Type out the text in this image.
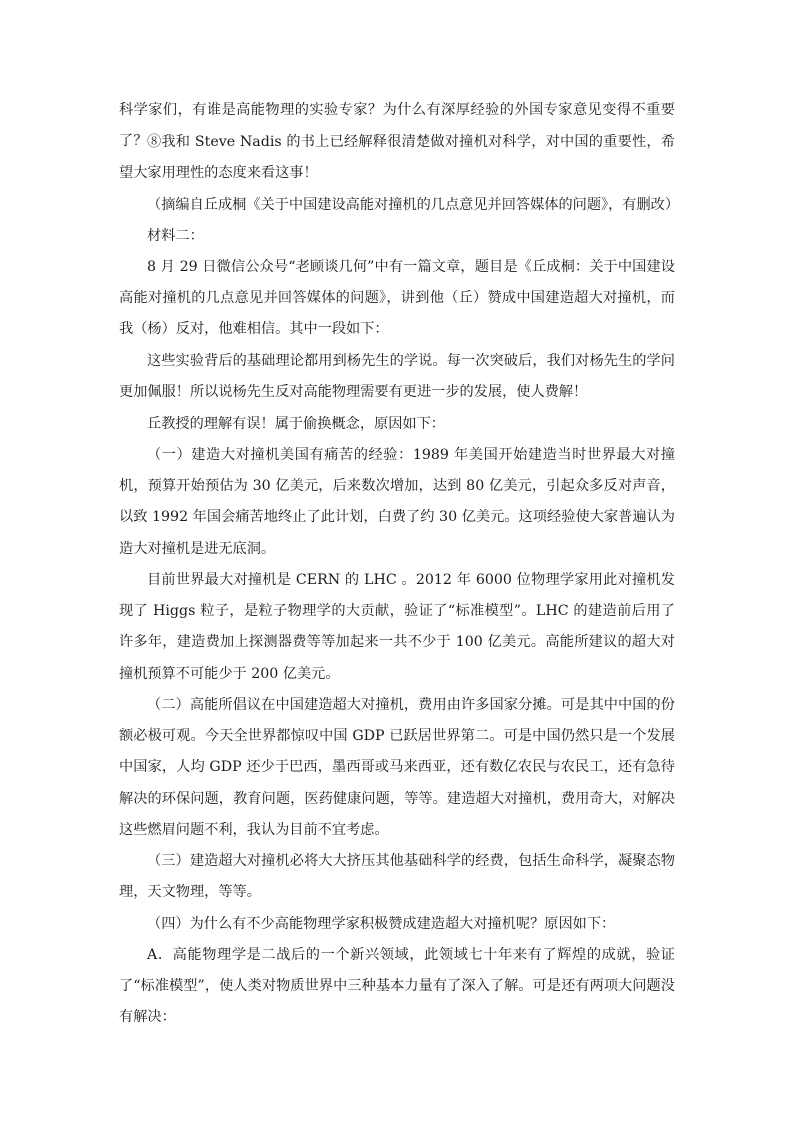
科学家们，有谁是高能物理的实验专家？为什么有深厚经验的外国专家意见变得不重要了？ ⑧我和 Steve Nadis 的书上已经解释很清楚做对撞机对科学，对中国的重要性，希望大家用理性的态度来看这事！

（摘编自丘成桐《关于中国建设高能对撞机的几点意见并回答媒体的问题》，有删改）

材料二：

8 月 29 日微信公众号“老顾谈几何”中有一篇文章，题目是《丘成桐：关于中国建设高能对撞机的几点意见并回答媒体的问题》，讲到他（丘）赞成中国建造超大对撞机，而我（杨）反对，他难相信。其中一段如下：

这些实验背后的基础理论都用到杨先生的学说。每一次突破后，我们对杨先生的学问更加佩服！所以说杨先生反对高能物理需要有更进一步的发展，使人费解！

丘教授的理解有误！属于偷换概念，原因如下：

（一）建造大对撞机美国有痛苦的经验：1989 年美国开始建造当时世界最大对撞机，预算开始预估为 30 亿美元，后来数次增加，达到 80 亿美元，引起众多反对声音，以致 1992 年国会痛苦地终止了此计划，白费了约 30 亿美元。这项经验使大家普遍认为造大对撞机是进无底洞。

目前世界最大对撞机是 CERN 的 LHC 。2012 年 6000 位物理学家用此对撞机发现了 Higgs 粒子，是粒子物理学的大贡献，验证了“标准模型”。LHC 的建造前后用了许多年，建造费加上探测器费等等加起来一共不少于 100 亿美元。高能所建议的超大对撞机预算不可能少于 200 亿美元。

（二）高能所倡议在中国建造超大对撞机，费用由许多国家分摊。可是其中中国的份额必极可观。今天全世界都惊叹中国 GDP 已跃居世界第二。可是中国仍然只是一个发展中国家，人均 GDP 还少于巴西，墨西哥或马来西亚，还有数亿农民与农民工，还有急待解决的环保问题，教育问题，医药健康问题，等等。建造超大对撞机，费用奇大，对解决这些燃眉问题不利，我认为目前不宜考虑。

（三）建造超大对撞机必将大大挤压其他基础科学的经费，包括生命科学，凝聚态物理，天文物理，等等。

（四）为什么有不少高能物理学家积极赞成建造超大对撞机呢？原因如下：

A．高能物理学是二战后的一个新兴领域，此领域七十年来有了辉煌的成就，验证了“标准模型”，使人类对物质世界中三种基本力量有了深入了解。可是还有两项大问题没有解决：
